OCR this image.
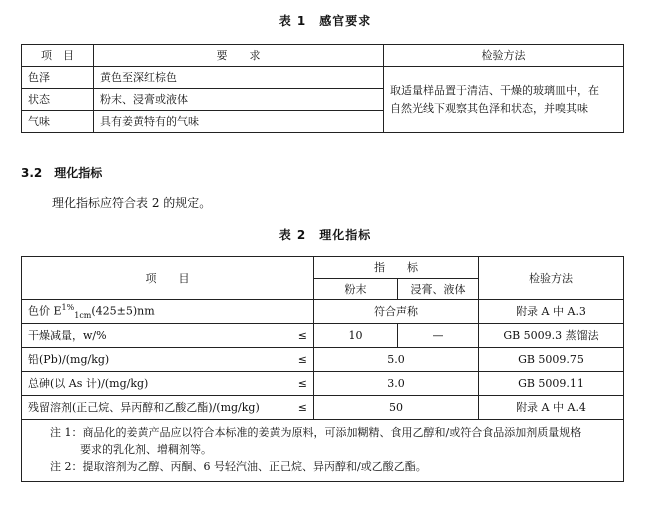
表 1　感官要求
项　目	要　　求	检验方法
色泽	黄色至深红棕色	取适量样品置于清洁、干燥的玻璃皿中，在
自然光线下观察其色泽和状态，并嗅其味

状态	粉末、浸膏或液体	
气味	具有姜黄特有的气味	
3.2　理化指标
理化指标应符合表 2 的规定。
表 2　理化指标
项　　目	指　　标		检验方法
	粉末	浸膏、液体	
色价 $E^{1\%}_{1cm}(425\pm 5)nm$	符合声称		附录 A 中 A.3
干燥减量，w/% ≤	10	—	GB 5009.3 蒸馏法
铅(Pb)/(mg/kg) ≤	5.0		GB 5009.75
总砷(以 As 计)/(mg/kg) ≤	3.0		GB 5009.11
残留溶剂(正己烷、异丙醇和乙酸乙酯)/(mg/kg) ≤	50		附录 A 中 A.4

注 1：商品化的姜黄产品应以符合本标准的姜黄为原料，可添加糊精、食用乙醇和/或符合食品添加剂质量规格
要求的乳化剂、增稠剂等。
注 2：提取溶剂为乙醇、丙酮、6 号轻汽油、正己烷、异丙醇和/或乙酸乙酯。			
